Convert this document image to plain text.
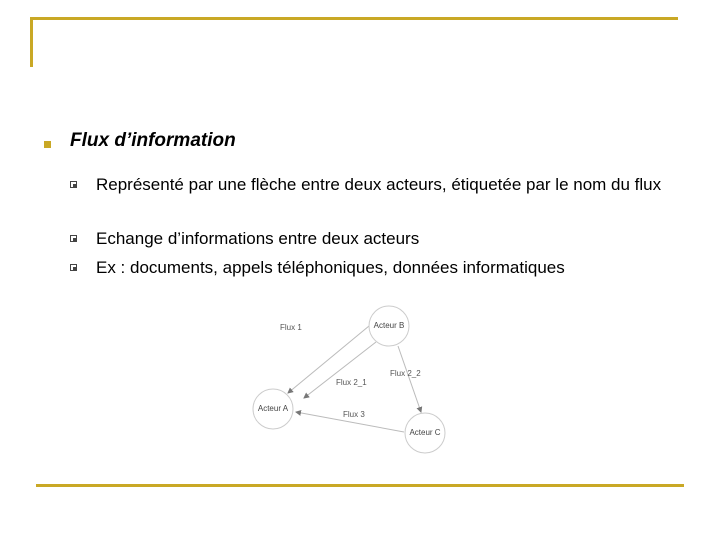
Flux d’information
Représenté par une flèche entre deux acteurs, étiquetée par le nom du flux
Echange d’informations entre deux acteurs
Ex : documents, appels téléphoniques, données informatiques
Acteur B
Acteur A
Acteur C
Flux 1
Flux 2_1
Flux 2_2
Flux 3
